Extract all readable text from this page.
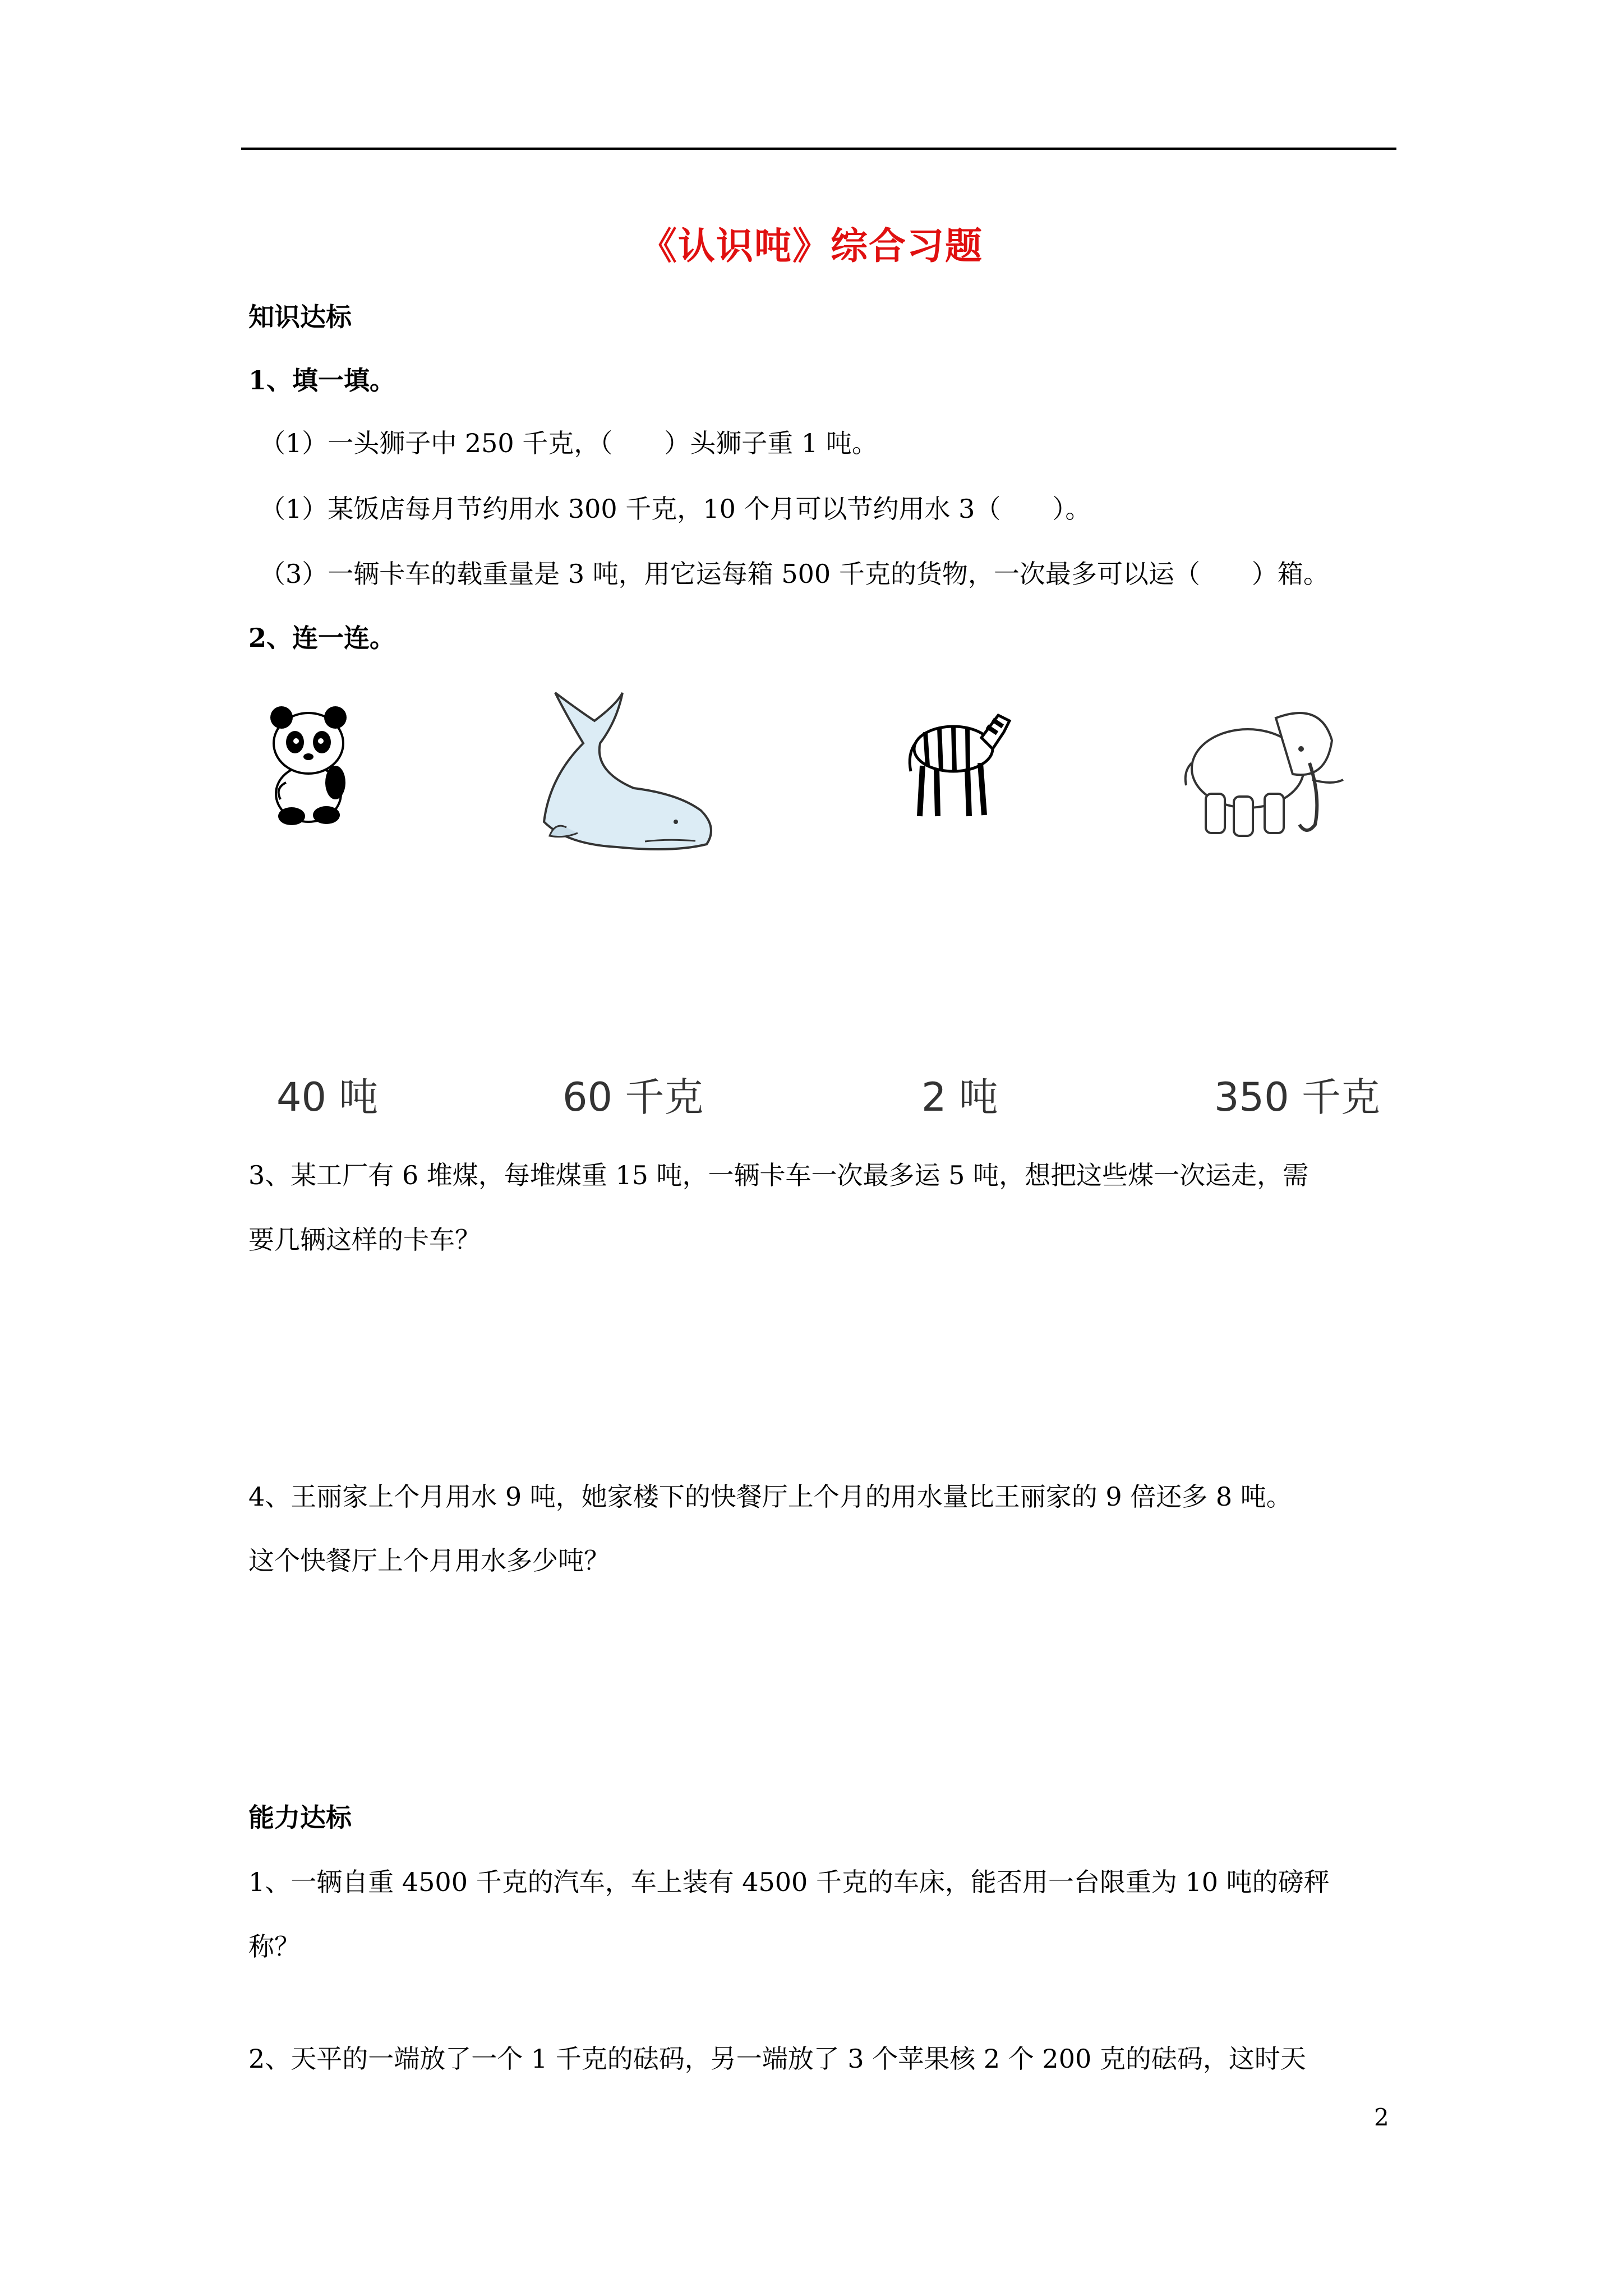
《认识吨》综合习题
知识达标
1、填一填。
（1）一头狮子中 250 千克，（　　）头狮子重 1 吨。
（1）某饭店每月节约用水 300 千克，10 个月可以节约用水 3（　　）。
（3）一辆卡车的载重量是 3 吨，用它运每箱 500 千克的货物，一次最多可以运（　　）箱。
2、连一连。
40 吨	60 千克	2 吨	350 千克
3、某工厂有 6 堆煤，每堆煤重 15 吨，一辆卡车一次最多运 5 吨，想把这些煤一次运走，需
要几辆这样的卡车？
4、王丽家上个月用水 9 吨，她家楼下的快餐厅上个月的用水量比王丽家的 9 倍还多 8 吨。
这个快餐厅上个月用水多少吨？
能力达标
1、一辆自重 4500 千克的汽车，车上装有 4500 千克的车床，能否用一台限重为 10 吨的磅秤
称？
2、天平的一端放了一个 1 千克的砝码，另一端放了 3 个苹果核 2 个 200 克的砝码，这时天
2
